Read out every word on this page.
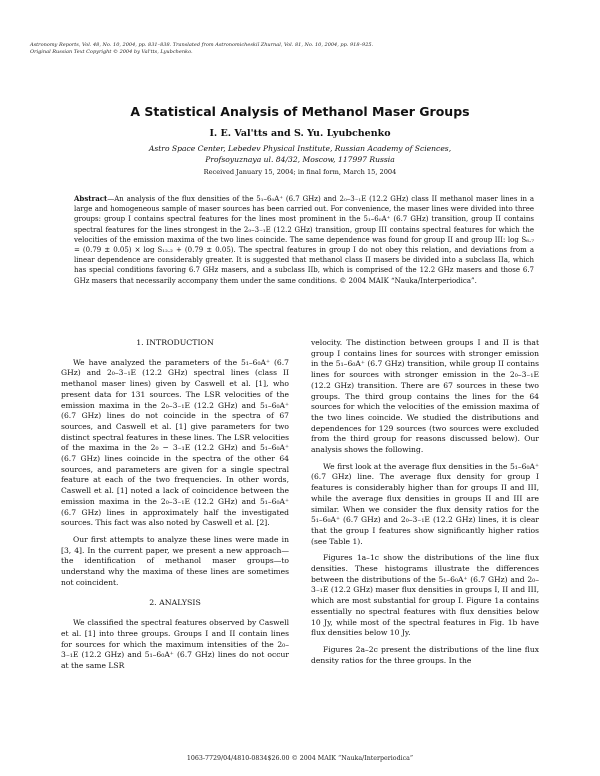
Astronomy Reports, Vol. 48, No. 10, 2004, pp. 831–838. Translated from Astronomicheskiĭ Zhurnal, Vol. 81, No. 10, 2004, pp. 918–925.
Original Russian Text Copyright © 2004 by Val'tts, Lyubchenko.
A Statistical Analysis of Methanol Maser Groups
I. E. Val'tts and S. Yu. Lyubchenko
Astro Space Center, Lebedev Physical Institute, Russian Academy of Sciences,
Profsoyuznaya ul. 84/32, Moscow, 117997 Russia
Received January 15, 2004; in final form, March 15, 2004
Abstract—An analysis of the flux densities of the 5₁–6₀A⁺ (6.7 GHz) and 2₀–3₋₁E (12.2 GHz) class II methanol maser lines in a large and homogeneous sample of maser sources has been carried out. For convenience, the maser lines were divided into three groups: group I contains spectral features for the lines most prominent in the 5₁–6₀A⁺ (6.7 GHz) transition, group II contains spectral features for the lines strongest in the 2₀–3₋₁E (12.2 GHz) transition, group III contains spectral features for which the velocities of the emission maxima of the two lines coincide. The same dependence was found for group II and group III: log S₆.₇ = (0.79 ± 0.05) × log S₁₂.₂ + (0.79 ± 0.05). The spectral features in group I do not obey this relation, and deviations from a linear dependence are considerably greater. It is suggested that methanol class II masers be divided into a subclass IIa, which has special conditions favoring 6.7 GHz masers, and a subclass IIb, which is comprised of the 12.2 GHz masers and those 6.7 GHz masers that necessarily accompany them under the same conditions. © 2004 MAIK “Nauka/Interperiodica”.
1. INTRODUCTION

We have analyzed the parameters of the 5₁–6₀A⁺ (6.7 GHz) and 2₀–3₋₁E (12.2 GHz) spectral lines (class II methanol maser lines) given by Caswell et al. [1], who present data for 131 sources. The LSR velocities of the emission maxima in the 2₀–3₋₁E (12.2 GHz) and 5₁–6₀A⁺ (6.7 GHz) lines do not coincide in the spectra of 67 sources, and Caswell et al. [1] give parameters for two distinct spectral features in these lines. The LSR velocities of the maxima in the 2₀ − 3₋₁E (12.2 GHz) and 5₁–6₀A⁺ (6.7 GHz) lines coincide in the spectra of the other 64 sources, and parameters are given for a single spectral feature at each of the two frequencies. In other words, Caswell et al. [1] noted a lack of coincidence between the emission maxima in the 2₀–3₋₁E (12.2 GHz) and 5₁–6₀A⁺ (6.7 GHz) lines in approximately half the investigated sources. This fact was also noted by Caswell et al. [2].

Our first attempts to analyze these lines were made in [3, 4]. In the current paper, we present a new approach—the identification of methanol maser groups—to understand why the maxima of these lines are sometimes not coincident.

2. ANALYSIS

We classified the spectral features observed by Caswell et al. [1] into three groups. Groups I and II contain lines for sources for which the maximum intensities of the 2₀–3₋₁E (12.2 GHz) and 5₁–6₀A⁺ (6.7 GHz) lines do not occur at the same LSR

velocity. The distinction between groups I and II is that group I contains lines for sources with stronger emission in the 5₁–6₀A⁺ (6.7 GHz) transition, while group II contains lines for sources with stronger emission in the 2₀–3₋₁E (12.2 GHz) transition. There are 67 sources in these two groups. The third group contains the lines for the 64 sources for which the velocities of the emission maxima of the two lines coincide. We studied the distributions and dependences for 129 sources (two sources were excluded from the third group for reasons discussed below). Our analysis shows the following.

We first look at the average flux densities in the 5₁–6₀A⁺ (6.7 GHz) line. The average flux density for group I features is considerably higher than for groups II and III, while the average flux densities in groups II and III are similar. When we consider the flux density ratios for the 5₁–6₀A⁺ (6.7 GHz) and 2₀–3₋₁E (12.2 GHz) lines, it is clear that the group I features show significantly higher ratios (see Table 1).

Figures 1a–1c show the distributions of the line flux densities. These histograms illustrate the differences between the distributions of the 5₁–6₀A⁺ (6.7 GHz) and 2₀–3₋₁E (12.2 GHz) maser flux densities in groups I, II and III, which are most substantial for group I. Figure 1a contains essentially no spectral features with flux densities below 10 Jy, while most of the spectral features in Fig. 1b have flux densities below 10 Jy.

Figures 2a–2c present the distributions of the line flux density ratios for the three groups. In the

1063-7729/04/4810-0834$26.00 © 2004 MAIK “Nauka/Interperiodica”
